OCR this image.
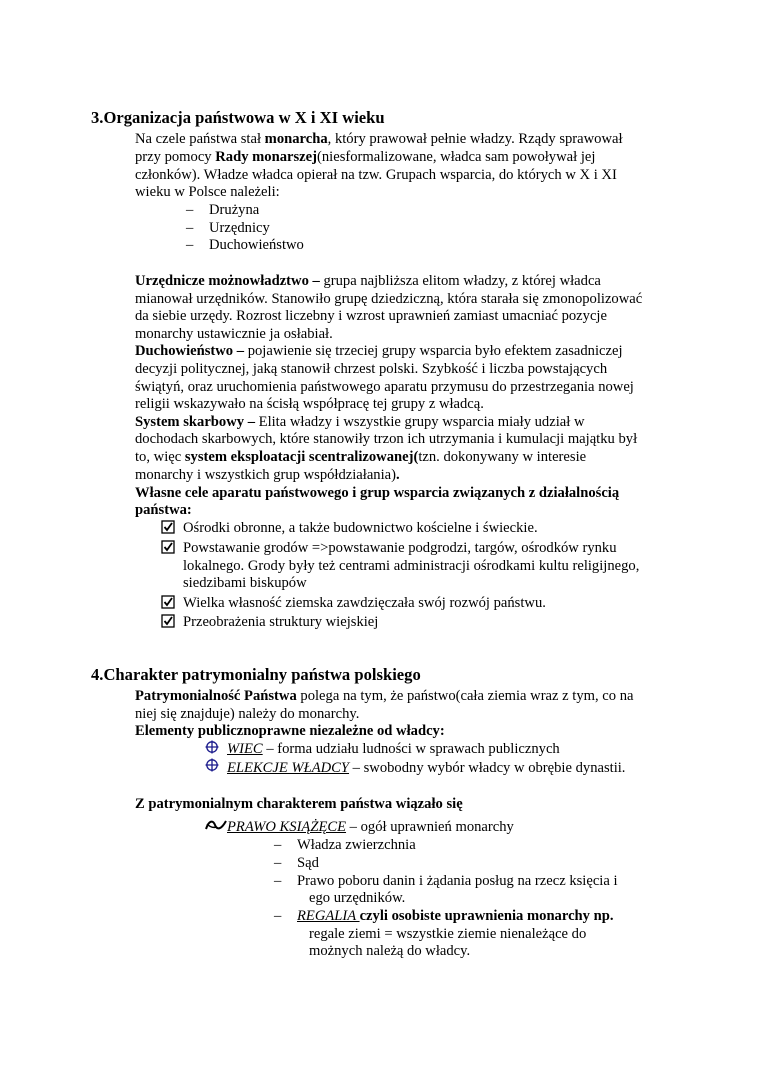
3.Organizacja państwowa w X i XI wieku
Na czele państwa stał monarcha, który prawował pełnie władzy. Rządy sprawował
przy pomocy Rady monarszej(niesformalizowane, władca sam powoływał jej
członków). Władze władca opierał na tzw. Grupach wsparcia, do których w X i XI
wieku w Polsce należeli:
– Drużyna
– Urzędnicy
– Duchowieństwo
Urzędnicze możnowładztwo – grupa najbliższa elitom władzy, z której władca
mianował urzędników. Stanowiło grupę dziedziczną, która starała się zmonopolizować
da siebie urzędy. Rozrost liczebny i wzrost uprawnień zamiast umacniać pozycje
monarchy ustawicznie ja osłabiał.
Duchowieństwo – pojawienie się trzeciej grupy wsparcia było efektem zasadniczej
decyzji politycznej, jaką stanowił chrzest polski. Szybkość i liczba powstających
świątyń, oraz uruchomienia państwowego aparatu przymusu do przestrzegania nowej
religii wskazywało na ścisłą współpracę tej grupy z władcą.
System skarbowy – Elita władzy i wszystkie grupy wsparcia miały udział w
dochodach skarbowych, które stanowiły trzon ich utrzymania i kumulacji majątku był
to, więc system eksploatacji scentralizowanej(tzn. dokonywany w interesie
monarchy i wszystkich grup współdziałania).
Własne cele aparatu państwowego i grup wsparcia związanych z działalnością
państwa:
Ośrodki obronne, a także budownictwo kościelne i świeckie.
Powstawanie grodów =>powstawanie podgrodzi, targów, ośrodków rynku
lokalnego. Grody były też centrami administracji ośrodkami kultu religijnego,
siedzibami biskupów
Wielka własność ziemska zawdzięczała swój rozwój państwu.
Przeobrażenia struktury wiejskiej
4.Charakter patrymonialny państwa polskiego
Patrymonialność Państwa polega na tym, że państwo(cała ziemia wraz z tym, co na
niej się znajduje) należy do monarchy.
Elementy publicznoprawne niezależne od władcy:
WIEC – forma udziału ludności w sprawach publicznych
ELEKCJE WŁADCY – swobodny wybór władcy w obrębie dynastii.
Z patrymonialnym charakterem państwa wiązało się
PRAWO KSIĄŻĘCE – ogół uprawnień monarchy
– Władza zwierzchnia
– Sąd
– Prawo poboru danin i żądania posług na rzecz księcia i
ego urzędników.
– REGALIA czyli osobiste uprawnienia monarchy np.
regale ziemi = wszystkie ziemie nienależące do
możnych należą do władcy.
